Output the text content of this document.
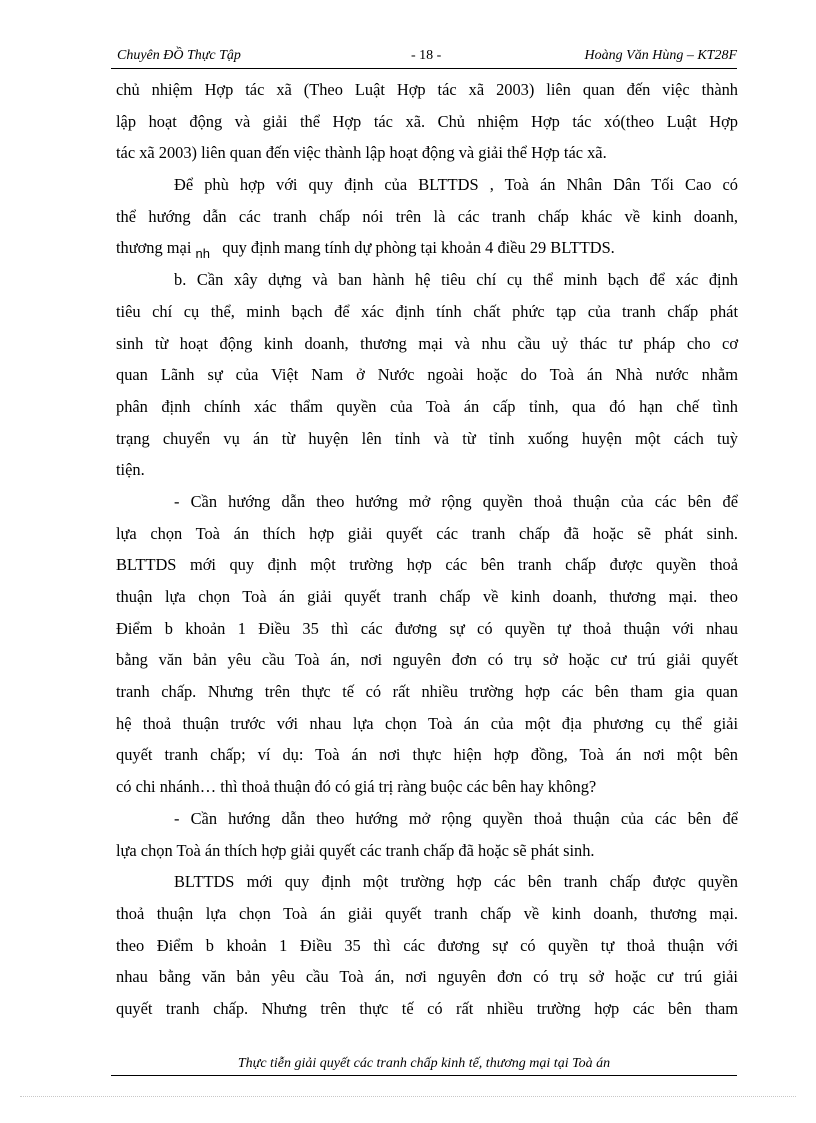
Chuyên ĐỒ Thực Tập	- 18 -	Hoàng Văn Hùng – KT28F
chủ nhiệm Hợp tác xã (Theo Luật Hợp tác xã 2003) liên quan đến việc thành
lập hoạt động và giải thể Hợp tác xã. Chủ nhiệm Hợp tác xó(theo Luật Hợp
tác xã 2003) liên quan đến việc thành lập hoạt động và giải thể Hợp tác xã.
Để phù hợp với quy định của BLTTDS , Toà án Nhân Dân Tối Cao có
thể hướng dẫn các tranh chấp nói trên là các tranh chấp khác về kinh doanh,
thương mại $_{nh}$ quy định mang tính dự phòng tại khoản 4 điều 29 BLTTDS.
b. Cần xây dựng và ban hành hệ tiêu chí cụ thể minh bạch để xác định
tiêu chí cụ thể, minh bạch để xác định tính chất phức tạp của tranh chấp phát
sinh từ hoạt động kinh doanh, thương mại và nhu cầu uỷ thác tư pháp cho cơ
quan Lãnh sự của Việt Nam ở Nước ngoài hoặc do Toà án Nhà nước nhằm
phân định chính xác thẩm quyền của Toà án cấp tỉnh, qua đó hạn chế tình
trạng chuyển vụ án từ huyện lên tỉnh và từ tỉnh xuống huyện một cách tuỳ
tiện.
- Cần hướng dẫn theo hướng mở rộng quyền thoả thuận của các bên để
lựa chọn Toà án thích hợp giải quyết các tranh chấp đã hoặc sẽ phát sinh.
BLTTDS mới quy định một trường hợp các bên tranh chấp được quyền thoả
thuận lựa chọn Toà án giải quyết tranh chấp về kinh doanh, thương mại. theo
Điểm b khoản 1 Điều 35 thì các đương sự có quyền tự thoả thuận với nhau
bằng văn bản yêu cầu Toà án, nơi nguyên đơn có trụ sở hoặc cư trú giải quyết
tranh chấp. Nhưng trên thực tế có rất nhiều trường hợp các bên tham gia quan
hệ thoả thuận trước với nhau lựa chọn Toà án của một địa phương cụ thể giải
quyết tranh chấp; ví dụ: Toà án nơi thực hiện hợp đồng, Toà án nơi một bên
có chi nhánh… thì thoả thuận đó có giá trị ràng buộc các bên hay không?
- Cần hướng dẫn theo hướng mở rộng quyền thoả thuận của các bên để
lựa chọn Toà án thích hợp giải quyết các tranh chấp đã hoặc sẽ phát sinh.
BLTTDS mới quy định một trường hợp các bên tranh chấp được quyền
thoả thuận lựa chọn Toà án giải quyết tranh chấp về kinh doanh, thương mại.
theo Điểm b khoản 1 Điều 35 thì các đương sự có quyền tự thoả thuận với
nhau bằng văn bản yêu cầu Toà án, nơi nguyên đơn có trụ sở hoặc cư trú giải
quyết tranh chấp. Nhưng trên thực tế có rất nhiều trường hợp các bên tham
Thực tiễn giải quyết các tranh chấp kinh tế, thương mại tại Toà án
